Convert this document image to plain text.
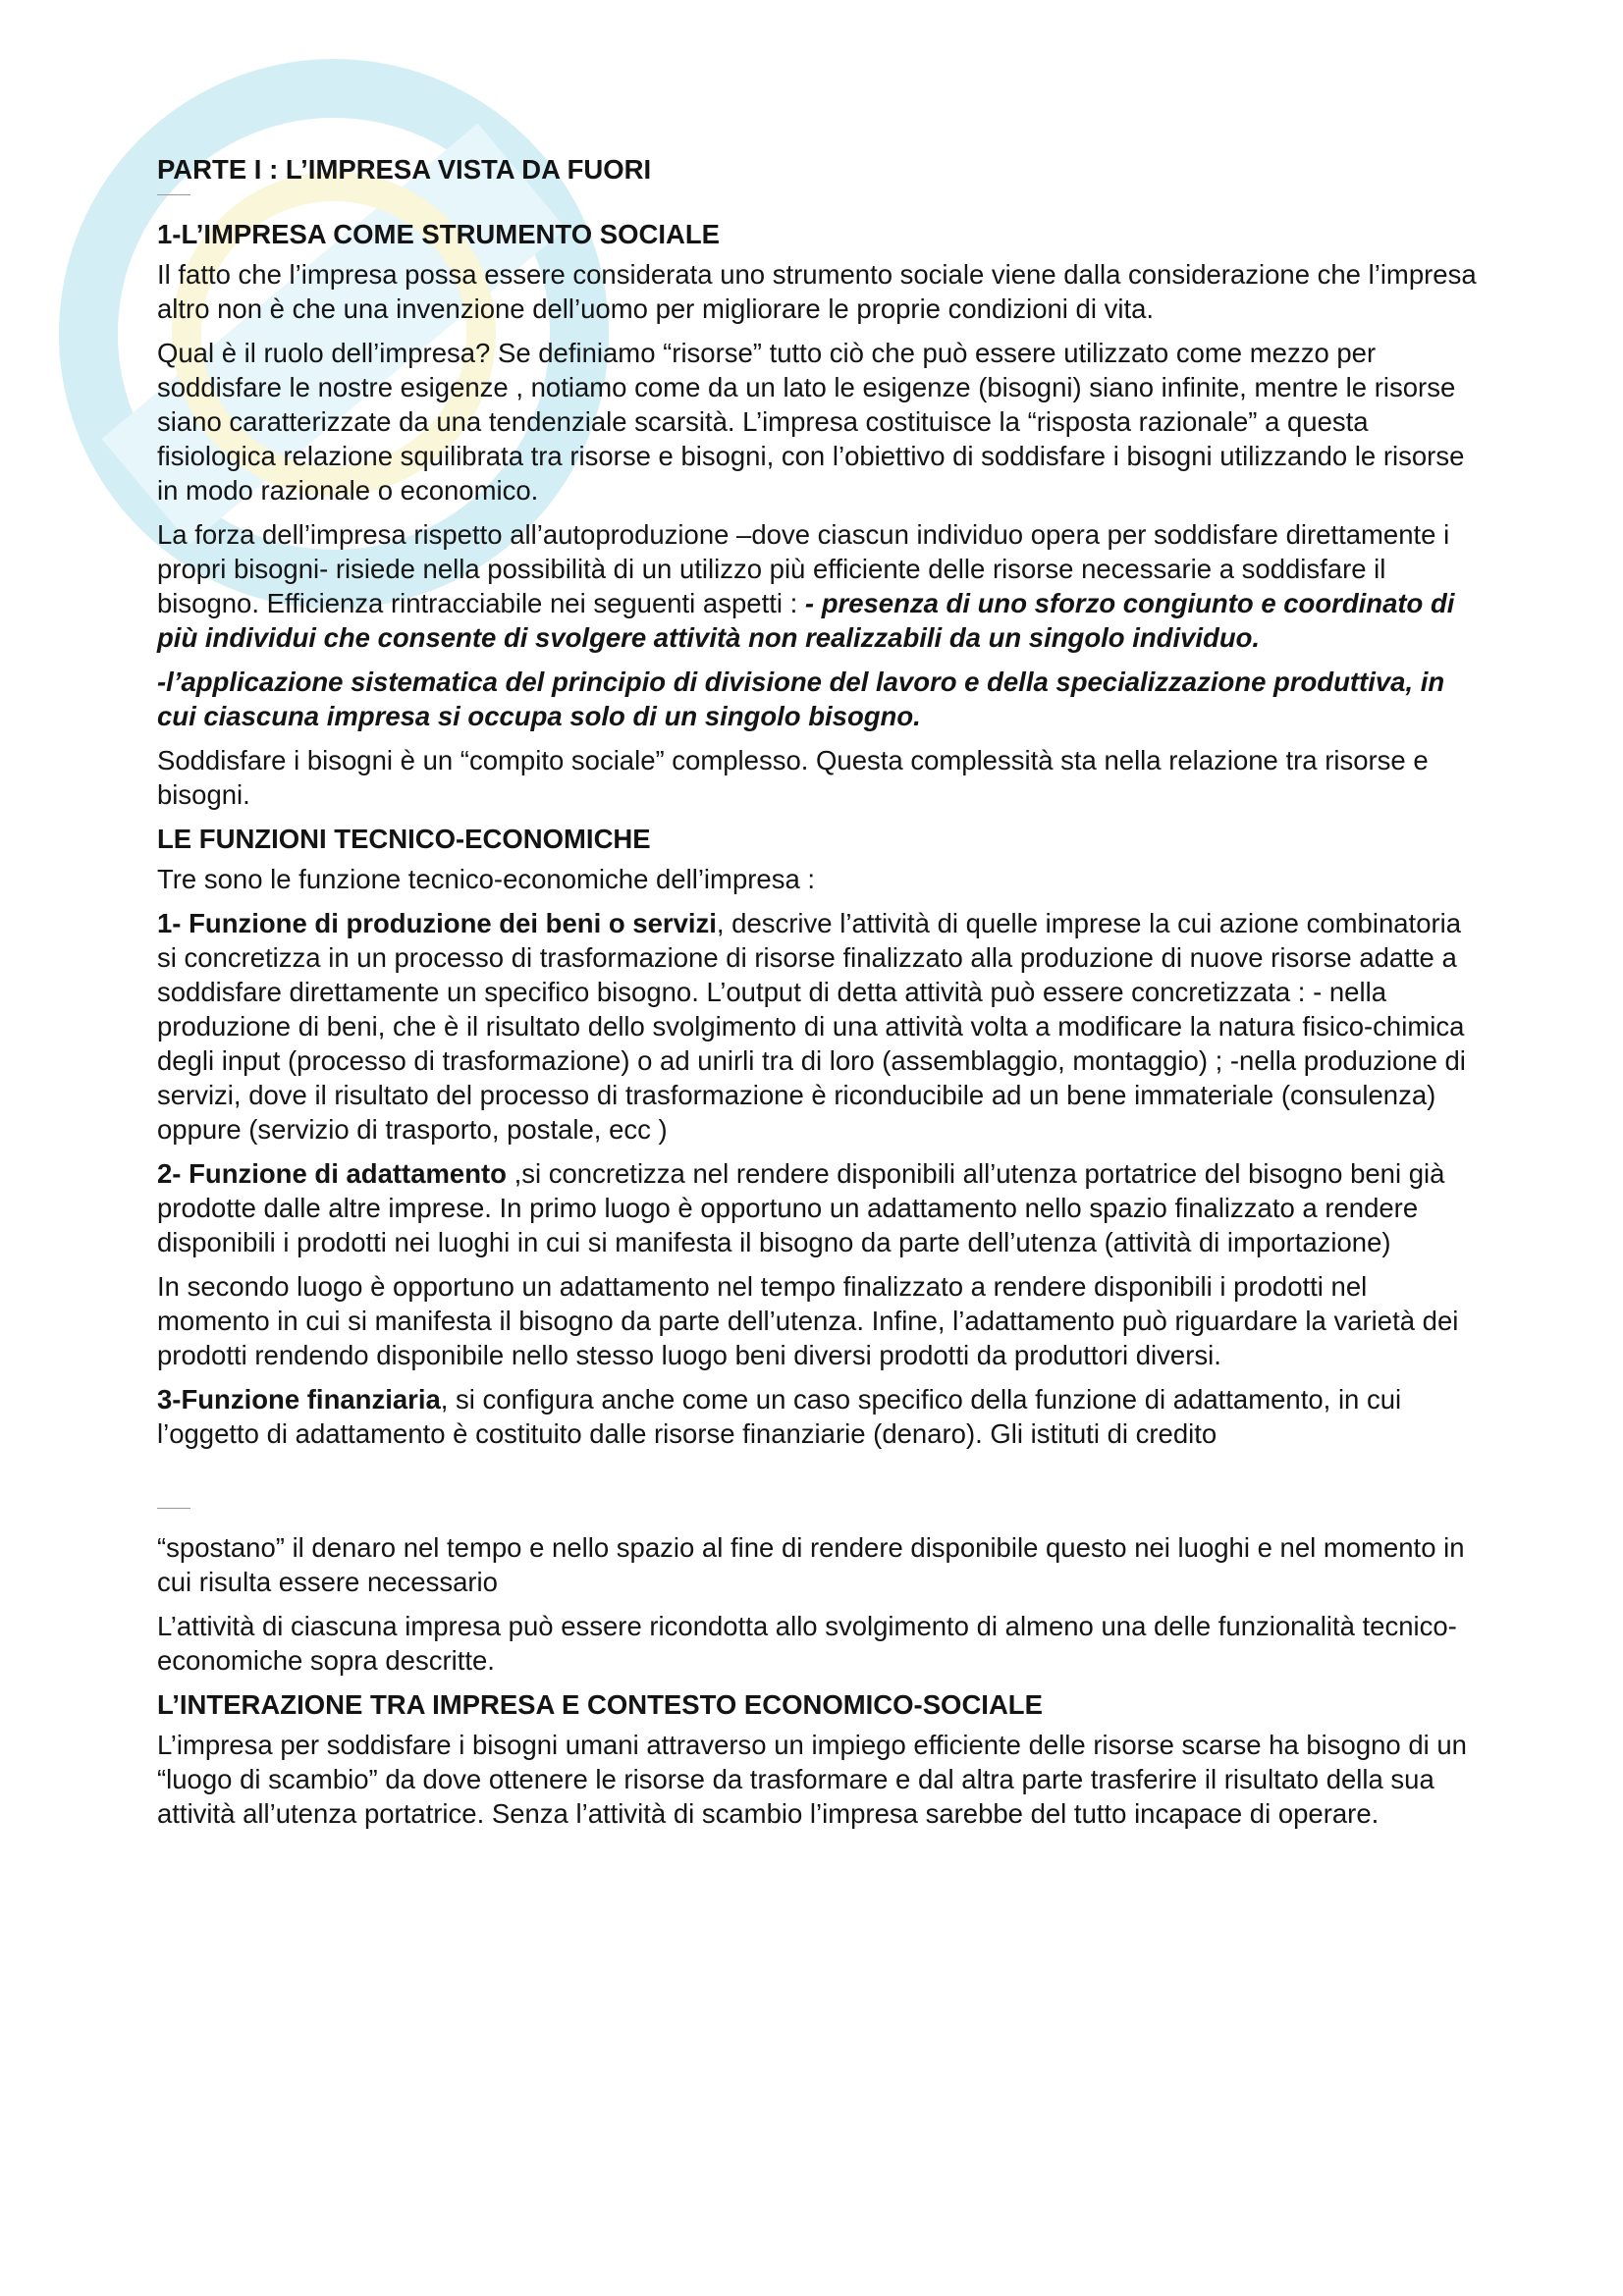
PARTE I : L’IMPRESA VISTA DA FUORI
1-L’IMPRESA COME STRUMENTO SOCIALE

Il fatto che l’impresa possa essere considerata uno strumento sociale viene dalla considerazione che l’impresa altro non è che una invenzione dell’uomo per migliorare le proprie condizioni di vita.

Qual è il ruolo dell’impresa? Se definiamo “risorse” tutto ciò che può essere utilizzato come mezzo per soddisfare le nostre esigenze , notiamo come da un lato le esigenze (bisogni) siano infinite, mentre le risorse siano caratterizzate da una tendenziale scarsità. L’impresa costituisce la “risposta razionale” a questa fisiologica relazione squilibrata tra risorse e bisogni, con l’obiettivo di soddisfare i bisogni utilizzando le risorse in modo razionale o economico.

La forza dell’impresa rispetto all’autoproduzione –dove ciascun individuo opera per soddisfare direttamente i propri bisogni- risiede nella possibilità di un utilizzo più efficiente delle risorse necessarie a soddisfare il bisogno. Efficienza rintracciabile nei seguenti aspetti : - presenza di uno sforzo congiunto e coordinato di più individui che consente di svolgere attività non realizzabili da un singolo individuo.

-l’applicazione sistematica del principio di divisione del lavoro e della specializzazione produttiva, in cui ciascuna impresa si occupa solo di un singolo bisogno.

Soddisfare i bisogni è un “compito sociale” complesso. Questa complessità sta nella relazione tra risorse e bisogni.

LE FUNZIONI TECNICO-ECONOMICHE

Tre sono le funzione tecnico-economiche dell’impresa :

1- Funzione di produzione dei beni o servizi, descrive l’attività di quelle imprese la cui azione combinatoria si concretizza in un processo di trasformazione di risorse finalizzato alla produzione di nuove risorse adatte a soddisfare direttamente un specifico bisogno. L’output di detta attività può essere concretizzata : - nella produzione di beni, che è il risultato dello svolgimento di una attività volta a modificare la natura fisico-chimica degli input (processo di trasformazione) o ad unirli tra di loro (assemblaggio, montaggio) ; -nella produzione di servizi, dove il risultato del processo di trasformazione è riconducibile ad un bene immateriale (consulenza) oppure (servizio di trasporto, postale, ecc )

2- Funzione di adattamento ,si concretizza nel rendere disponibili all’utenza portatrice del bisogno beni già prodotte dalle altre imprese. In primo luogo è opportuno un adattamento nello spazio finalizzato a rendere disponibili i prodotti nei luoghi in cui si manifesta il bisogno da parte dell’utenza (attività di importazione)

In secondo luogo è opportuno un adattamento nel tempo finalizzato a rendere disponibili i prodotti nel momento in cui si manifesta il bisogno da parte dell’utenza. Infine, l’adattamento può riguardare la varietà dei prodotti rendendo disponibile nello stesso luogo beni diversi prodotti da produttori diversi.

3-Funzione finanziaria, si configura anche come un caso specifico della funzione di adattamento, in cui l’oggetto di adattamento è costituito dalle risorse finanziarie (denaro). Gli istituti di credito

“spostano” il denaro nel tempo e nello spazio al fine di rendere disponibile questo nei luoghi e nel momento in cui risulta essere necessario

L’attività di ciascuna impresa può essere ricondotta allo svolgimento di almeno una delle funzionalità tecnico-economiche sopra descritte.

L’INTERAZIONE TRA IMPRESA E CONTESTO ECONOMICO-SOCIALE

L’impresa per soddisfare i bisogni umani attraverso un impiego efficiente delle risorse scarse ha bisogno di un “luogo di scambio” da dove ottenere le risorse da trasformare e dal altra parte trasferire il risultato della sua attività all’utenza portatrice. Senza l’attività di scambio l’impresa sarebbe del tutto incapace di operare.
